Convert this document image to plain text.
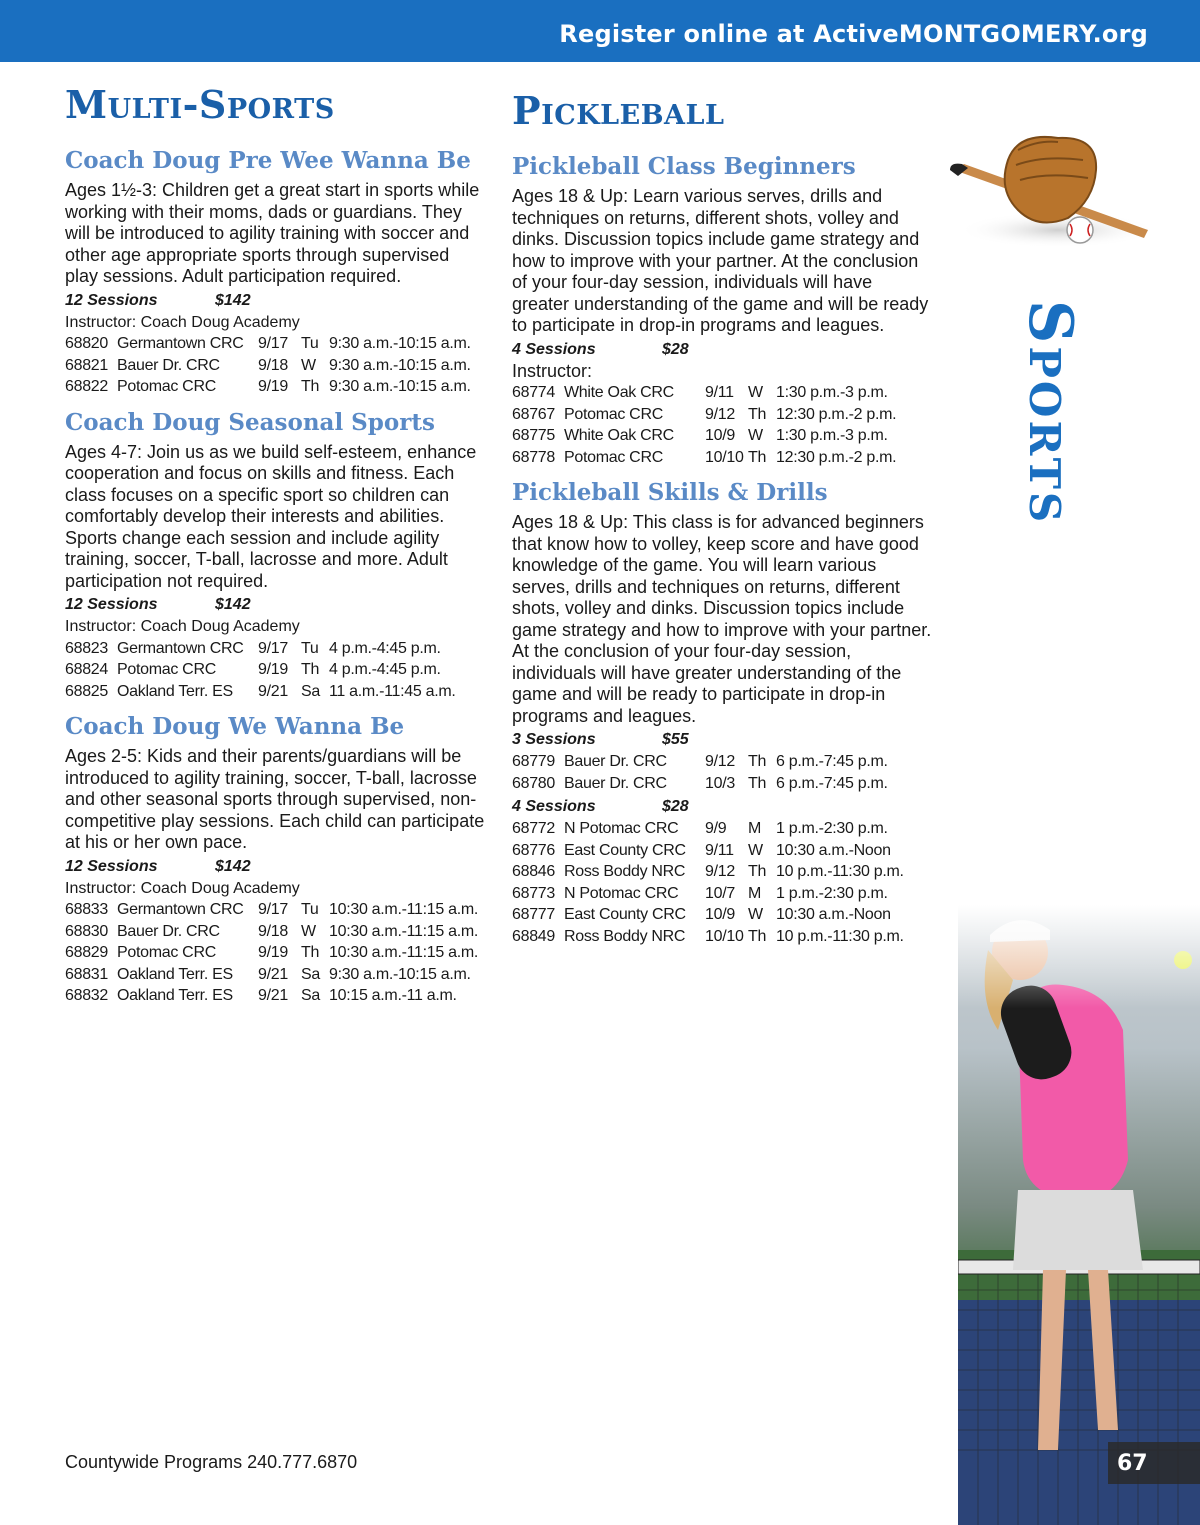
Register online at ActiveMONTGOMERY.org
Multi-Sports
Coach Doug Pre Wee Wanna Be

Ages 1½-3: Children get a great start in sports while working with their moms, dads or guardians. They will be introduced to agility training with soccer and other age appropriate sports through supervised play sessions. Adult participation required.

12 Sessions	$142
Instructor: Coach Doug Academy
68820	Germantown CRC	9/17	Tu	9:30 a.m.-10:15 a.m.
68821	Bauer Dr. CRC	9/18	W	9:30 a.m.-10:15 a.m.
68822	Potomac CRC	9/19	Th	9:30 a.m.-10:15 a.m.
Coach Doug Seasonal Sports

Ages 4-7: Join us as we build self-esteem, enhance cooperation and focus on skills and fitness. Each class focuses on a specific sport so children can comfortably develop their interests and abilities. Sports change each session and include agility training, soccer, T-ball, lacrosse and more. Adult participation not required.

12 Sessions	$142
Instructor: Coach Doug Academy
68823	Germantown CRC	9/17	Tu	4 p.m.-4:45 p.m.
68824	Potomac CRC	9/19	Th	4 p.m.-4:45 p.m.
68825	Oakland Terr. ES	9/21	Sa	11 a.m.-11:45 a.m.
Coach Doug We Wanna Be

Ages 2-5: Kids and their parents/guardians will be introduced to agility training, soccer, T-ball, lacrosse and other seasonal sports through supervised, non-competitive play sessions. Each child can participate at his or her own pace.

12 Sessions	$142
Instructor: Coach Doug Academy
68833	Germantown CRC	9/17	Tu	10:30 a.m.-11:15 a.m.
68830	Bauer Dr. CRC	9/18	W	10:30 a.m.-11:15 a.m.
68829	Potomac CRC	9/19	Th	10:30 a.m.-11:15 a.m.
68831	Oakland Terr. ES	9/21	Sa	9:30 a.m.-10:15 a.m.
68832	Oakland Terr. ES	9/21	Sa	10:15 a.m.-11 a.m.
Pickleball
Pickleball Class Beginners

Ages 18 & Up: Learn various serves, drills and techniques on returns, different shots, volley and dinks. Discussion topics include game strategy and how to improve with your partner. At the conclusion of your four-day session, individuals will have greater understanding of the game and will be ready to participate in drop-in programs and leagues.

4 Sessions	$28
Instructor:
68774	White Oak CRC	9/11	W	1:30 p.m.-3 p.m.
68767	Potomac CRC	9/12	Th	12:30 p.m.-2 p.m.
68775	White Oak CRC	10/9	W	1:30 p.m.-3 p.m.
68778	Potomac CRC	10/10	Th	12:30 p.m.-2 p.m.
Pickleball Skills & Drills

Ages 18 & Up: This class is for advanced beginners that know how to volley, keep score and have good knowledge of the game. You will learn various serves, drills and techniques on returns, different shots, volley and dinks. Discussion topics include game strategy and how to improve with your partner. At the conclusion of your four-day session, individuals will have greater understanding of the game and will be ready to participate in drop-in programs and leagues.

3 Sessions	$55
68779	Bauer Dr. CRC	9/12	Th	6 p.m.-7:45 p.m.
68780	Bauer Dr. CRC	10/3	Th	6 p.m.-7:45 p.m.
4 Sessions	$28
68772	N Potomac CRC	9/9	M	1 p.m.-2:30 p.m.
68776	East County CRC	9/11	W	10:30 a.m.-Noon
68846	Ross Boddy NRC	9/12	Th	10 p.m.-11:30 p.m.
68773	N Potomac CRC	10/7	M	1 p.m.-2:30 p.m.
68777	East County CRC	10/9	W	10:30 a.m.-Noon
68849	Ross Boddy NRC	10/10	Th	10 p.m.-11:30 p.m.
Sports
67
Countywide Programs 240.777.6870
